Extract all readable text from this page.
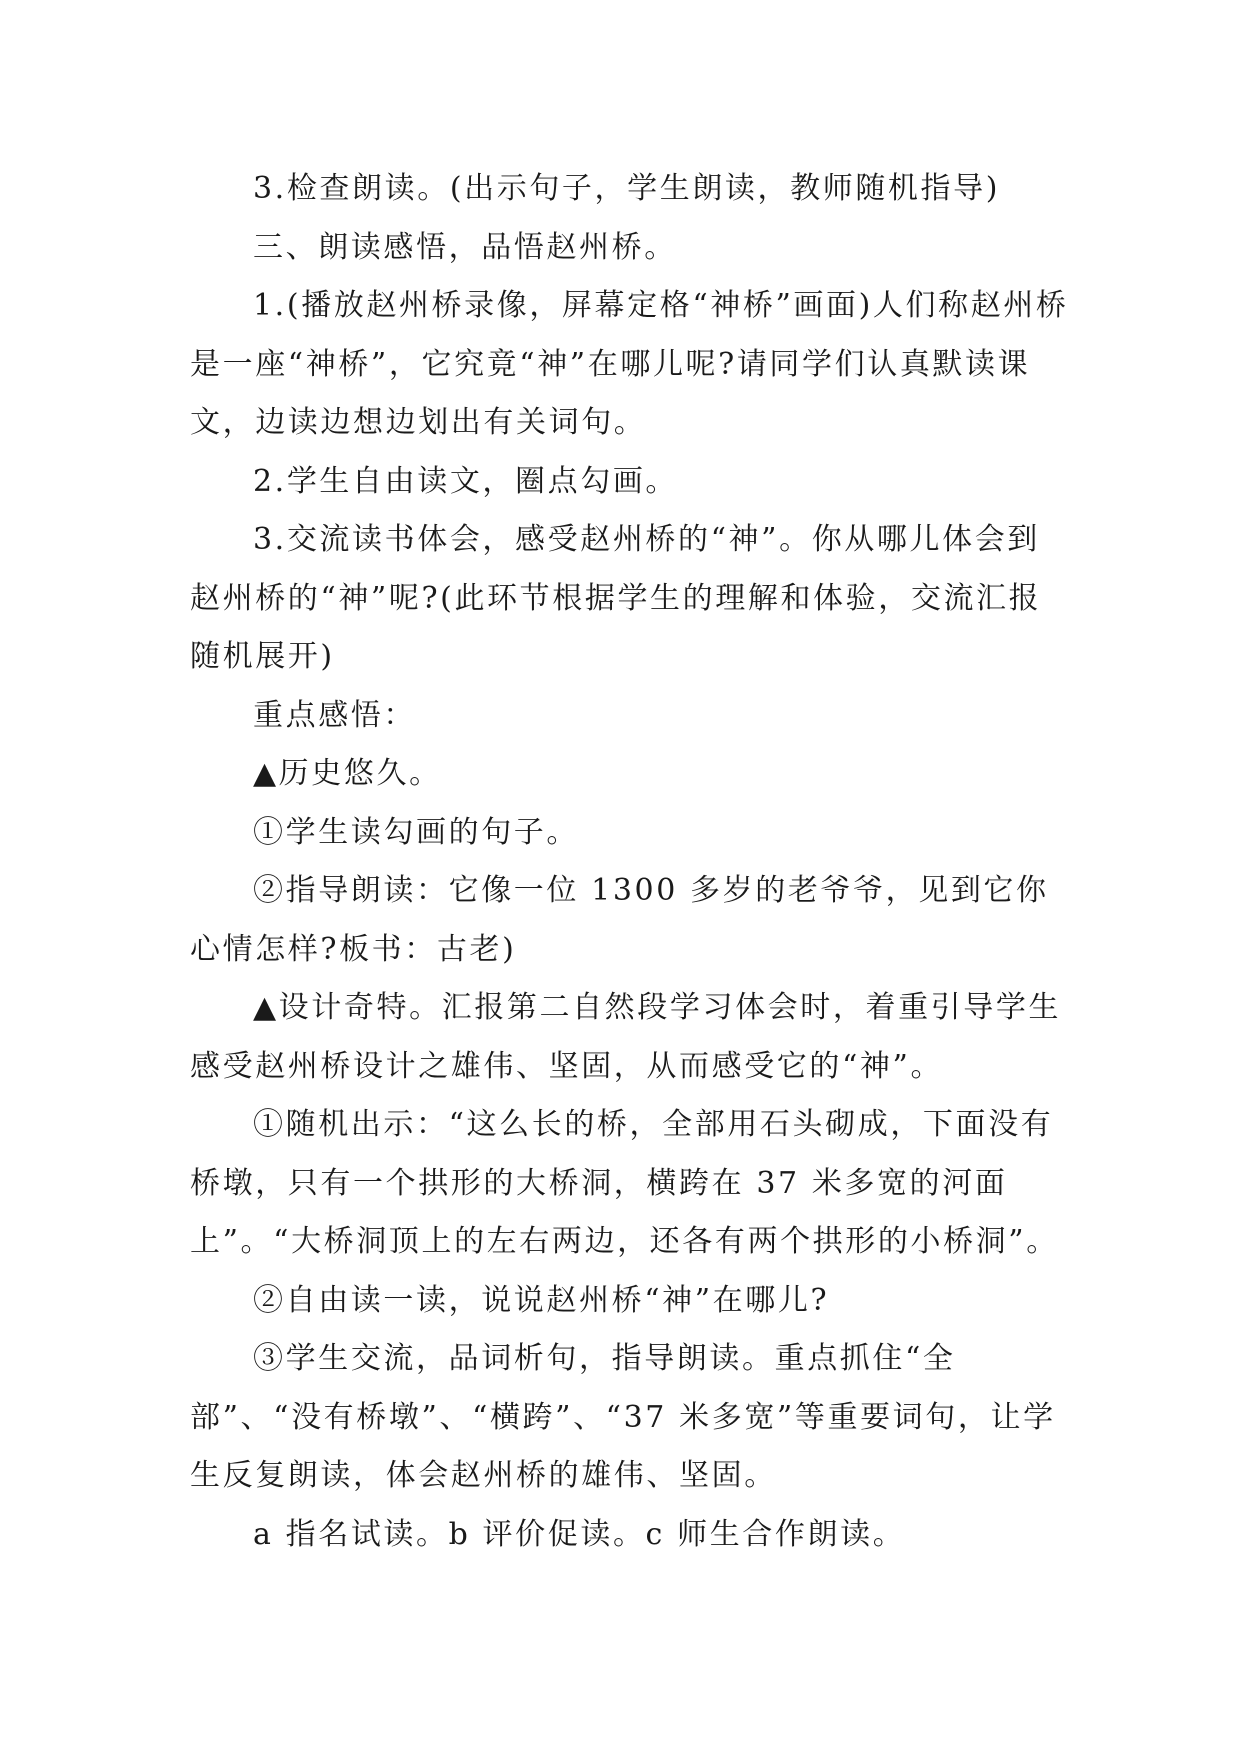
3.检查朗读。(出示句子，学生朗读，教师随机指导)

三、朗读感悟，品悟赵州桥。

1.(播放赵州桥录像，屏幕定格“神桥”画面)人们称赵州桥是一座“神桥”，它究竟“神”在哪儿呢?请同学们认真默读课文，边读边想边划出有关词句。

2.学生自由读文，圈点勾画。

3.交流读书体会，感受赵州桥的“神”。你从哪儿体会到赵州桥的“神”呢?(此环节根据学生的理解和体验，交流汇报随机展开)

重点感悟：

▲历史悠久。

①学生读勾画的句子。

②指导朗读：它像一位 1300 多岁的老爷爷，见到它你心情怎样?板书：古老)

▲设计奇特。汇报第二自然段学习体会时，着重引导学生感受赵州桥设计之雄伟、坚固，从而感受它的“神”。

①随机出示：“这么长的桥，全部用石头砌成，下面没有桥墩，只有一个拱形的大桥洞，横跨在 37 米多宽的河面上”。“大桥洞顶上的左右两边，还各有两个拱形的小桥洞”。

②自由读一读，说说赵州桥“神”在哪儿?

③学生交流，品词析句，指导朗读。重点抓住“全部”、“没有桥墩”、“横跨”、“37 米多宽”等重要词句，让学生反复朗读，体会赵州桥的雄伟、坚固。

a 指名试读。b 评价促读。c 师生合作朗读。
